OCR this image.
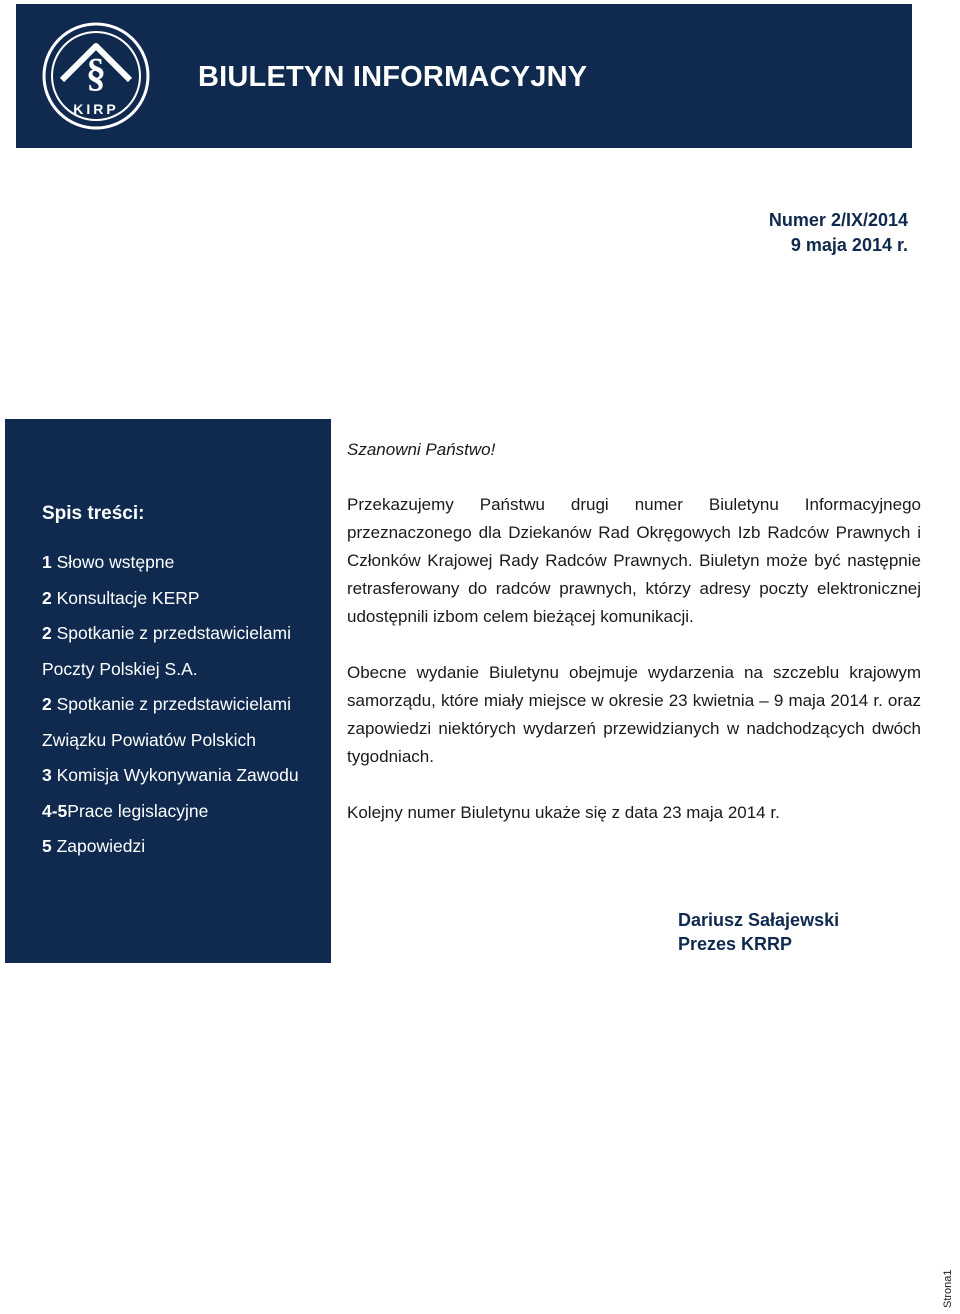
§
KIRP
BIULETYN INFORMACYJNY
Numer 2/IX/2014
9 maja 2014 r.
Spis treści:
1 Słowo wstępne
2 Konsultacje KERP
2 Spotkanie z przedstawicielami
Poczty Polskiej S.A.
2 Spotkanie z przedstawicielami
Związku Powiatów Polskich
3 Komisja Wykonywania Zawodu
4-5Prace legislacyjne
5 Zapowiedzi
Szanowni Państwo!

Przekazujemy Państwu drugi numer Biuletynu Informacyjnego przeznaczonego dla Dziekanów Rad Okręgowych Izb Radców Prawnych i Członków Krajowej Rady Radców Prawnych. Biuletyn może być następnie retrasferowany do radców prawnych, którzy adresy poczty elektronicznej udostępnili izbom celem bieżącej komunikacji.

Obecne wydanie Biuletynu obejmuje wydarzenia na szczeblu krajowym samorządu, które miały miejsce w okresie 23 kwietnia – 9 maja 2014 r. oraz zapowiedzi niektórych wydarzeń przewidzianych w nadchodzących dwóch tygodniach.

Kolejny numer Biuletynu ukaże się z data 23 maja 2014 r.

Dariusz Sałajewski
Prezes KRRP
Strona1
